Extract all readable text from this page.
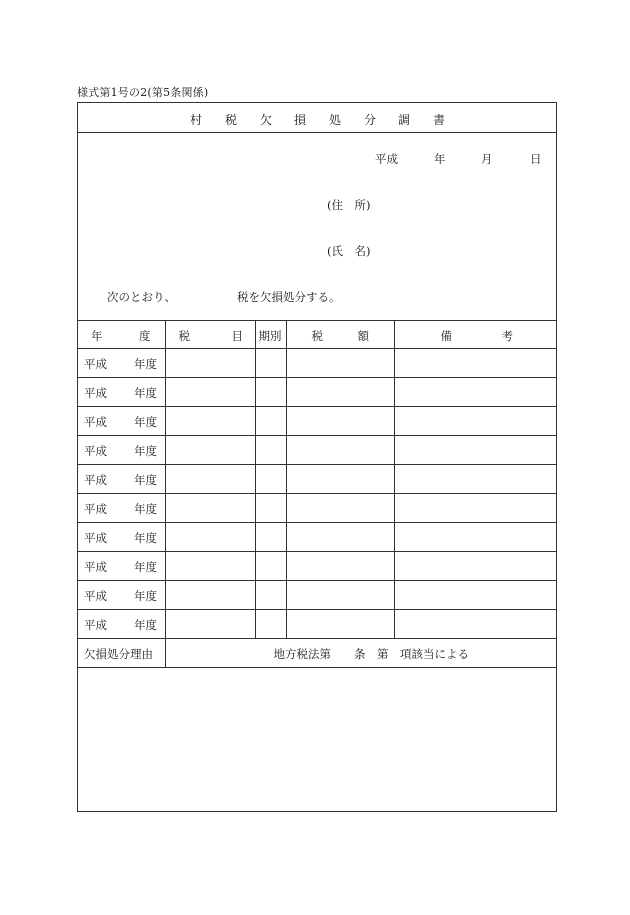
様式第1号の2(第5条関係)
村 税 欠 損 処 分 調 書
平成	年	月	日
(住　所)
(氏　名)
次のとおり、	税を欠損処分する。
年 度	税 目	期別	税 額	備 考

平成 年度				

平成 年度				

平成 年度				

平成 年度				

平成 年度				

平成 年度				

平成 年度				

平成 年度				

平成 年度				

平成 年度				

欠損処分理由	地方税法第　　条　第　項該当による			
